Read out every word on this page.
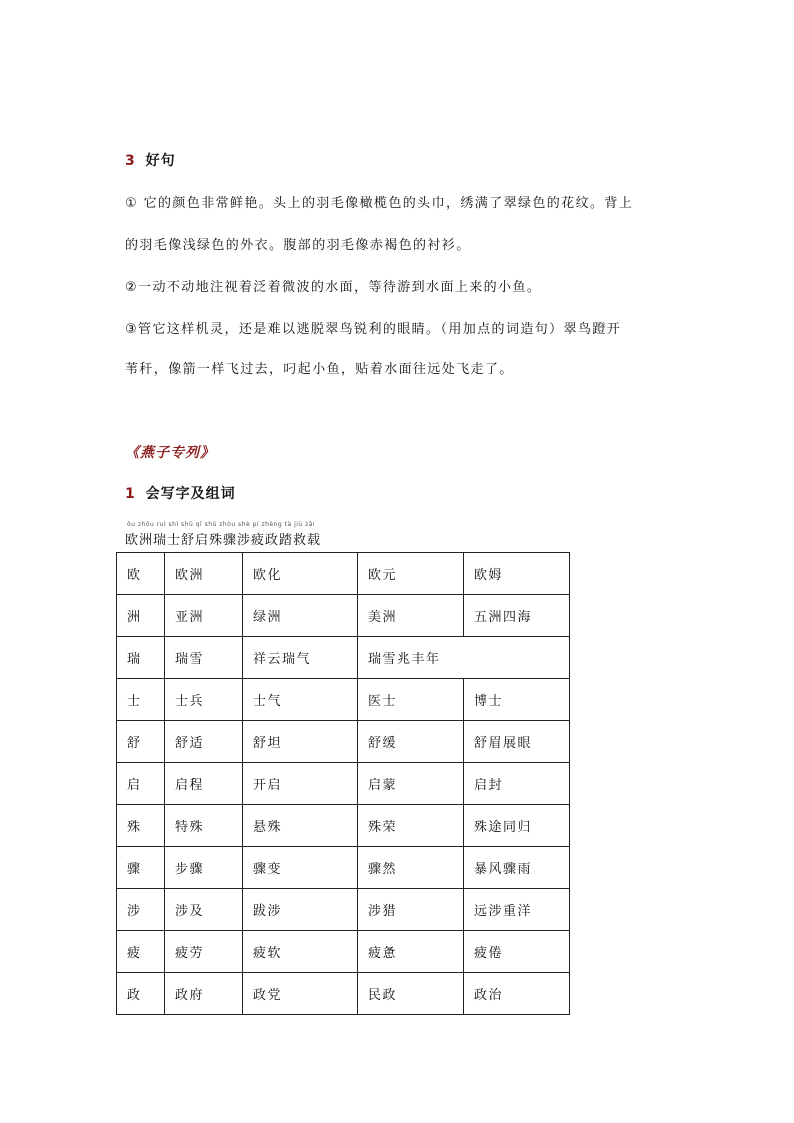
3 好句
① 它的颜色非常鲜艳。头上的羽毛像橄榄色的头巾，绣满了翠绿色的花纹。背上
的羽毛像浅绿色的外衣。腹部的羽毛像赤褐色的衬衫。
②一动不动地注视着泛着微波的水面，等待游到水面上来的小鱼。
③管它这样机灵，还是难以逃脱翠鸟锐利的眼睛。（用加点的词造句）翠鸟蹬开
苇秆，像箭一样飞过去，叼起小鱼，贴着水面往远处飞走了。
《燕子专列》
1 会写字及组词
ōu zhōu ruì shì shū qǐ shū zhòu shè pí zhèng tà jiù zǎi
欧洲瑞士舒启殊骤涉疲政踏救载
欧	欧洲	欧化	欧元	欧姆
洲	亚洲	绿洲	美洲	五洲四海
瑞	瑞雪	祥云瑞气	瑞雪兆丰年	
士	士兵	士气	医士	博士
舒	舒适	舒坦	舒缓	舒眉展眼
启	启程	开启	启蒙	启封
殊	特殊	悬殊	殊荣	殊途同归
骤	步骤	骤变	骤然	暴风骤雨
涉	涉及	跋涉	涉猎	远涉重洋
疲	疲劳	疲软	疲惫	疲倦
政	政府	政党	民政	政治
